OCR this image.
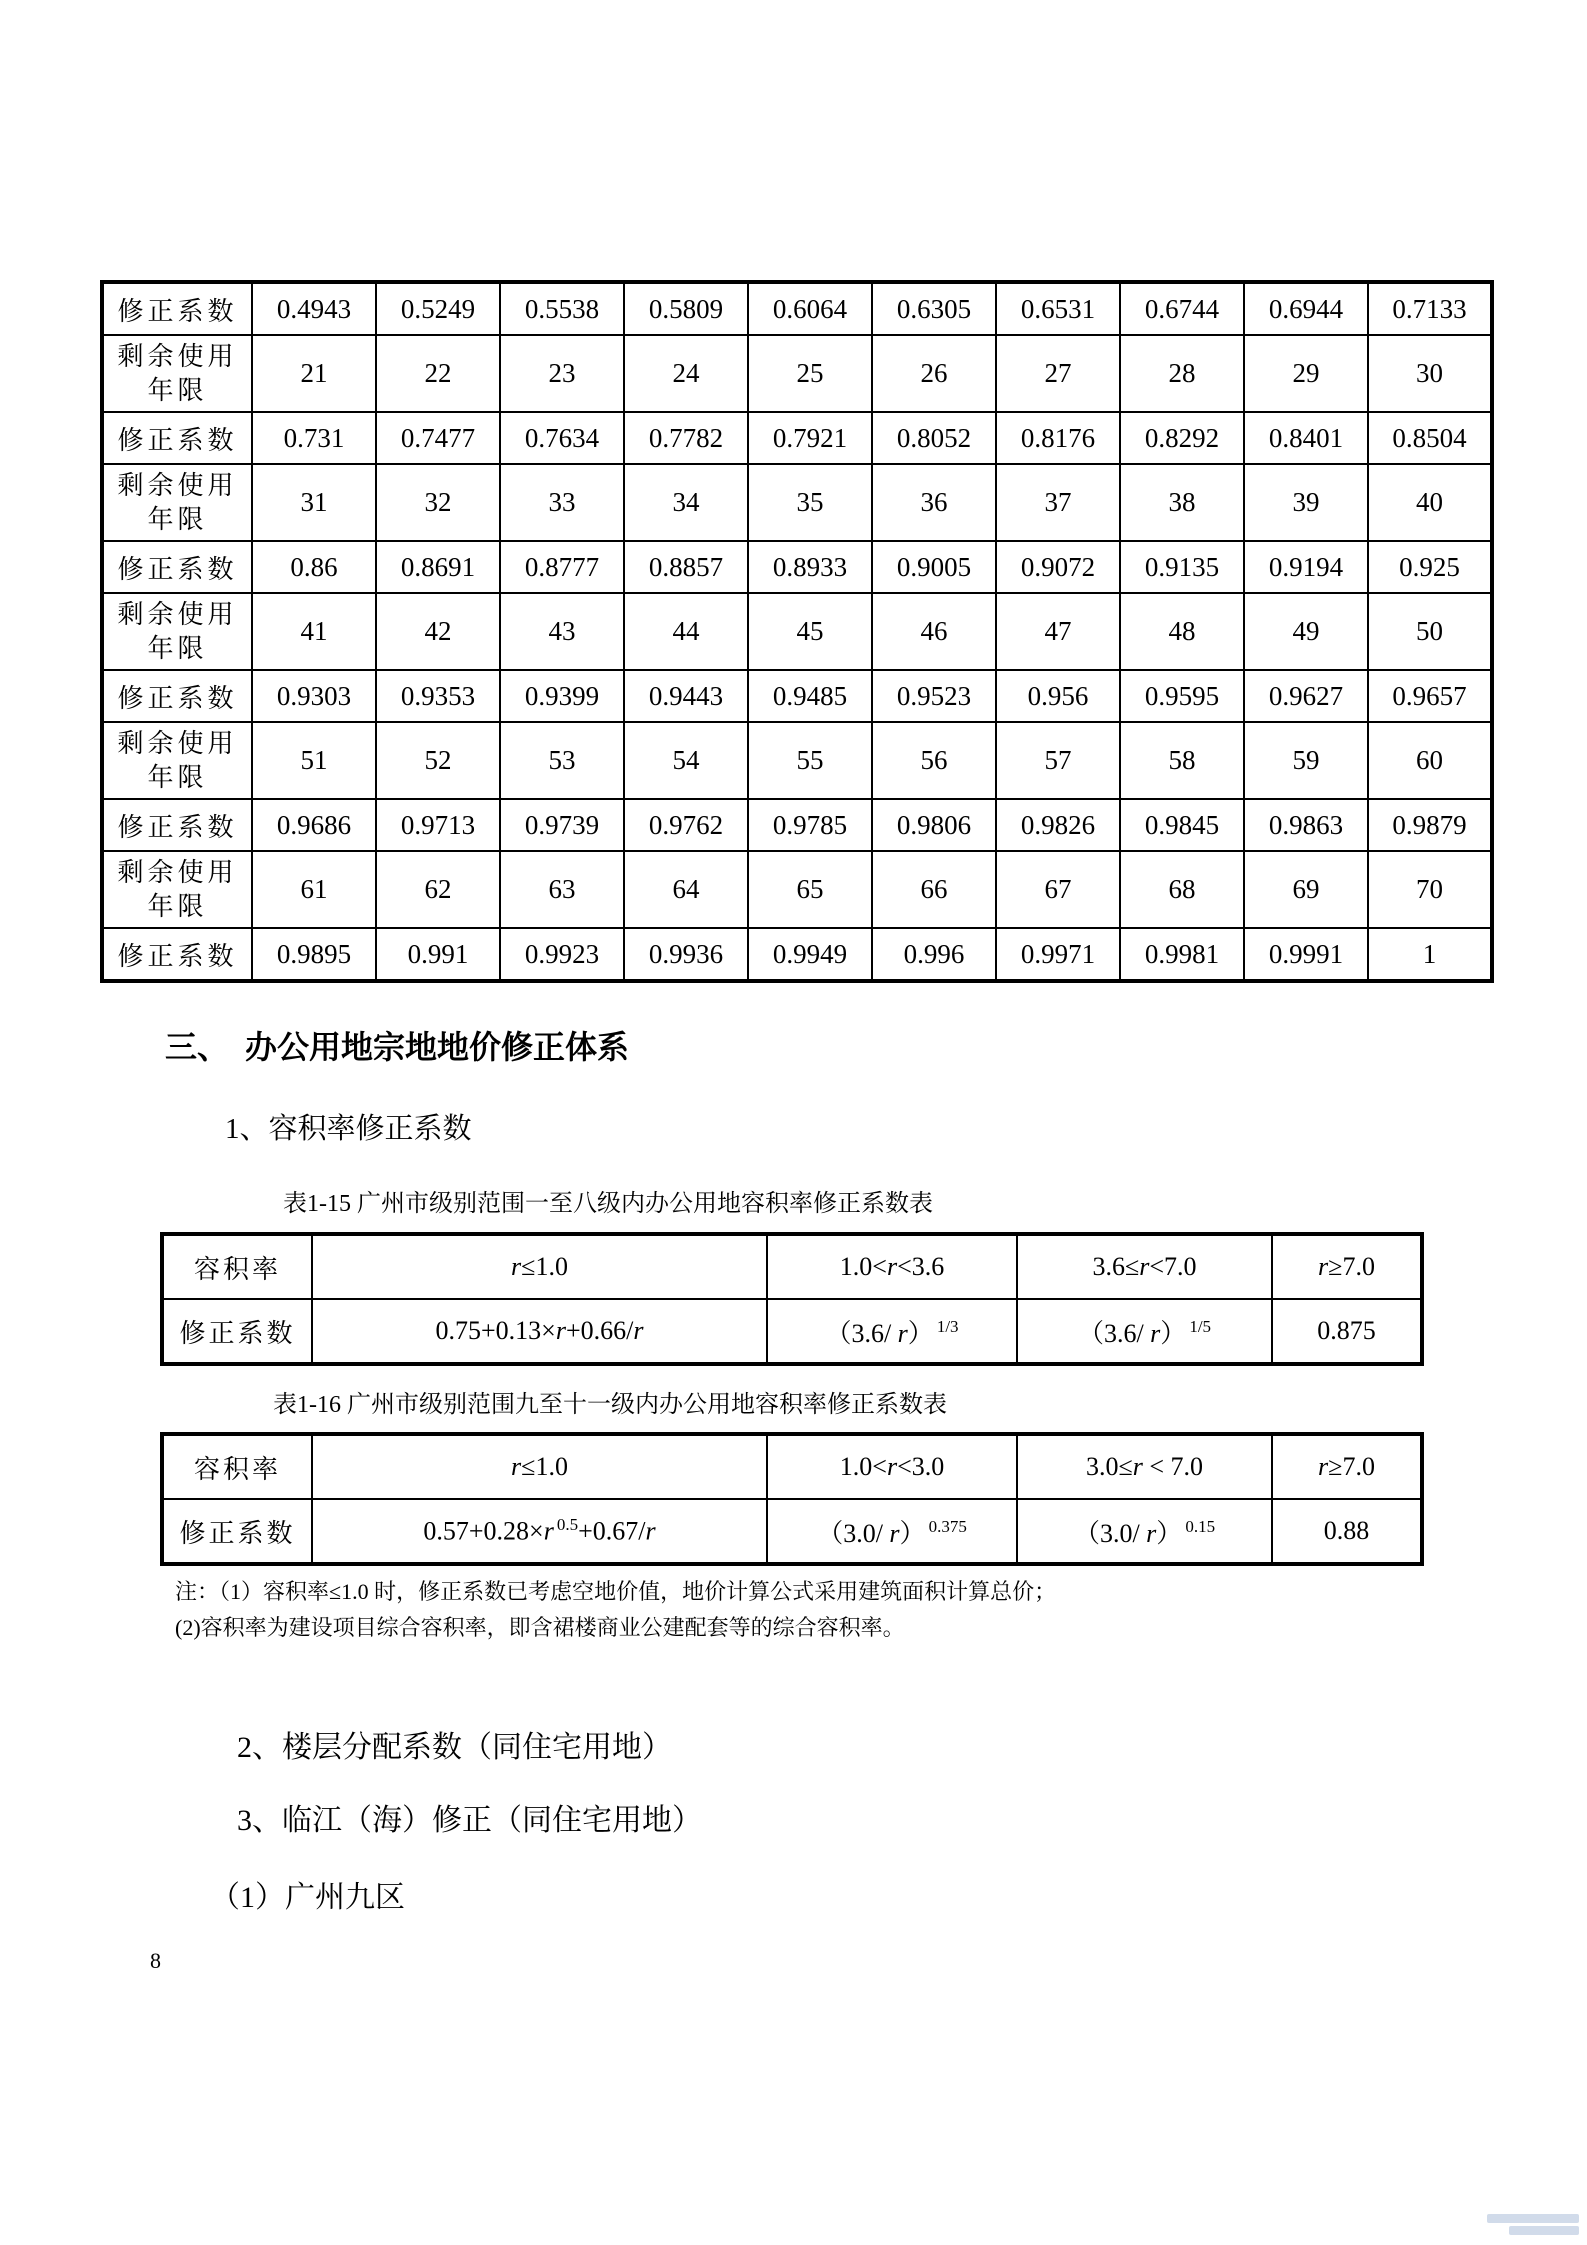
修正系数	0.4943	0.5249	0.5538	0.5809	0.6064	0.6305	0.6531	0.6744	0.6944	0.7133

剩余使用
年限	21	22	23	24	25	26	27	28	29	30
修正系数	0.731	0.7477	0.7634	0.7782	0.7921	0.8052	0.8176	0.8292	0.8401	0.8504

剩余使用
年限	31	32	33	34	35	36	37	38	39	40
修正系数	0.86	0.8691	0.8777	0.8857	0.8933	0.9005	0.9072	0.9135	0.9194	0.925

剩余使用
年限	41	42	43	44	45	46	47	48	49	50
修正系数	0.9303	0.9353	0.9399	0.9443	0.9485	0.9523	0.956	0.9595	0.9627	0.9657

剩余使用
年限	51	52	53	54	55	56	57	58	59	60
修正系数	0.9686	0.9713	0.9739	0.9762	0.9785	0.9806	0.9826	0.9845	0.9863	0.9879

剩余使用
年限	61	62	63	64	65	66	67	68	69	70
修正系数	0.9895	0.991	0.9923	0.9936	0.9949	0.996	0.9971	0.9981	0.9991	1
三、　办公用地宗地地价修正体系
1、容积率修正系数
表1-15 广州市级别范围一至八级内办公用地容积率修正系数表
容积率	r≤1.0	1.0<r<3.6	3.6≤r<7.0	r≥7.0
修正系数	0.75+0.13×r+0.66/r	（3.6/ r） $^{1/3}$	（3.6/ r） $^{1/5}$	0.875
表1-16 广州市级别范围九至十一级内办公用地容积率修正系数表
容积率	r≤1.0	1.0<r<3.0	3.0≤r < 7.0	r≥7.0
修正系数	0.57+0.28×r $^{0.5}$+0.67/r	（3.0/ r） $^{0.375}$	（3.0/ r） $^{0.15}$	0.88
注：（1）容积率≤1.0 时，修正系数已考虑空地价值，地价计算公式采用建筑面积计算总价；
(2)容积率为建设项目综合容积率，即含裙楼商业公建配套等的综合容积率。
2、楼层分配系数（同住宅用地）
3、临江（海）修正（同住宅用地）
（1）广州九区
8
